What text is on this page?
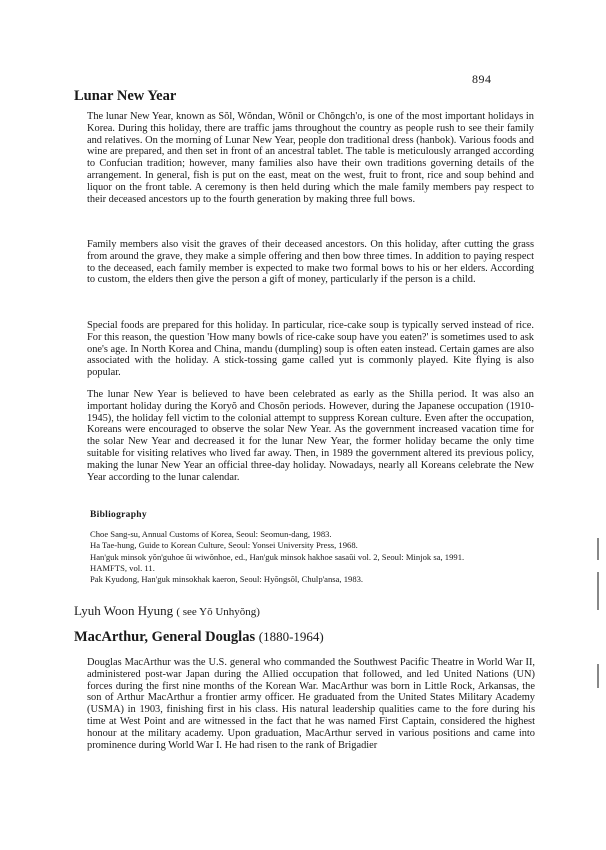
894
Lunar New Year

The lunar New Year, known as Sŏl, Wŏndan, Wŏnil or Chŏngch'o, is one of the most important holidays in Korea. During this holiday, there are traffic jams throughout the country as people rush to see their family and relatives. On the morning of Lunar New Year, people don traditional dress (hanbok). Various foods and wine are prepared, and then set in front of an ancestral tablet. The table is meticulously arranged according to Confucian tradition; however, many families also have their own traditions governing details of the arrangement. In general, fish is put on the east, meat on the west, fruit to front, rice and soup behind and liquor on the front table. A ceremony is then held during which the male family members pay respect to their deceased ancestors up to the fourth generation by making three full bows.

Family members also visit the graves of their deceased ancestors. On this holiday, after cutting the grass from around the grave, they make a simple offering and then bow three times. In addition to paying respect to the deceased, each family member is expected to make two formal bows to his or her elders. According to custom, the elders then give the person a gift of money, particularly if the person is a child.

Special foods are prepared for this holiday. In particular, rice-cake soup is typically served instead of rice. For this reason, the question 'How many bowls of rice-cake soup have you eaten?' is sometimes used to ask one's age. In North Korea and China, mandu (dumpling) soup is often eaten instead. Certain games are also associated with the holiday. A stick-tossing game called yut is commonly played. Kite flying is also popular.

The lunar New Year is believed to have been celebrated as early as the Shilla period. It was also an important holiday during the Koryŏ and Chosŏn periods. However, during the Japanese occupation (1910-1945), the holiday fell victim to the colonial attempt to suppress Korean culture. Even after the occupation, Koreans were encouraged to observe the solar New Year. As the government increased vacation time for the solar New Year and decreased it for the lunar New Year, the former holiday became the only time suitable for visiting relatives who lived far away. Then, in 1989 the government altered its previous policy, making the lunar New Year an official three-day holiday. Nowadays, nearly all Koreans celebrate the New Year according to the lunar calendar.

Bibliography
Choe Sang-su, Annual Customs of Korea, Seoul: Seomun-dang, 1983.
Ha Tae-hung, Guide to Korean Culture, Seoul: Yonsei University Press, 1968.
Han'guk minsok yŏn'guhoe ŭi wiwŏnhoe, ed., Han'guk minsok hakhoe sasaŭi vol. 2, Seoul: Minjok sa, 1991.
HAMFTS, vol. 11.
Pak Kyudong, Han'guk minsokhak kaeron, Seoul: Hyŏngsŏl, Chulp'ansa, 1983.
Lyuh Woon Hyung ( see Yŏ Unhyŏng)
MacArthur, General Douglas (1880-1964)

Douglas MacArthur was the U.S. general who commanded the Southwest Pacific Theatre in World War II, administered post-war Japan during the Allied occupation that followed, and led United Nations (UN) forces during the first nine months of the Korean War. MacArthur was born in Little Rock, Arkansas, the son of Arthur MacArthur a frontier army officer. He graduated from the United States Military Academy (USMA) in 1903, finishing first in his class. His natural leadership qualities came to the fore during his time at West Point and are witnessed in the fact that he was named First Captain, considered the highest honour at the military academy. Upon graduation, MacArthur served in various positions and came into prominence during World War I. He had risen to the rank of Brigadier
